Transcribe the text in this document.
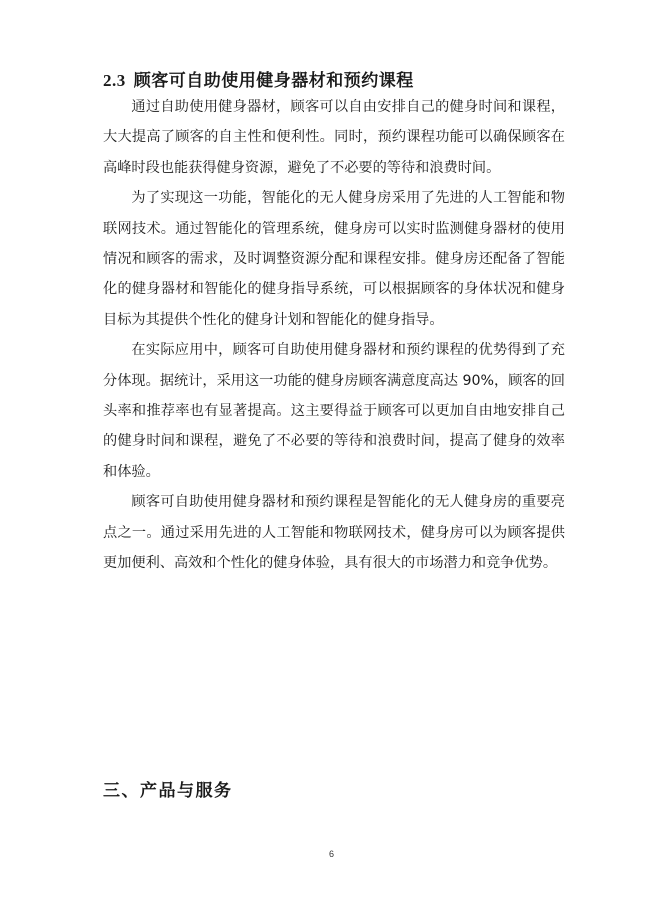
2.3 顾客可自助使用健身器材和预约课程

通过自助使用健身器材，顾客可以自由安排自己的健身时间和课程，大大提高了顾客的自主性和便利性。同时，预约课程功能可以确保顾客在高峰时段也能获得健身资源，避免了不必要的等待和浪费时间。

为了实现这一功能，智能化的无人健身房采用了先进的人工智能和物联网技术。通过智能化的管理系统，健身房可以实时监测健身器材的使用情况和顾客的需求，及时调整资源分配和课程安排。健身房还配备了智能化的健身器材和智能化的健身指导系统，可以根据顾客的身体状况和健身目标为其提供个性化的健身计划和智能化的健身指导。

在实际应用中，顾客可自助使用健身器材和预约课程的优势得到了充分体现。据统计，采用这一功能的健身房顾客满意度高达 90%，顾客的回头率和推荐率也有显著提高。这主要得益于顾客可以更加自由地安排自己的健身时间和课程，避免了不必要的等待和浪费时间，提高了健身的效率和体验。

顾客可自助使用健身器材和预约课程是智能化的无人健身房的重要亮点之一。通过采用先进的人工智能和物联网技术，健身房可以为顾客提供更加便利、高效和个性化的健身体验，具有很大的市场潜力和竞争优势。

三、产品与服务
6
